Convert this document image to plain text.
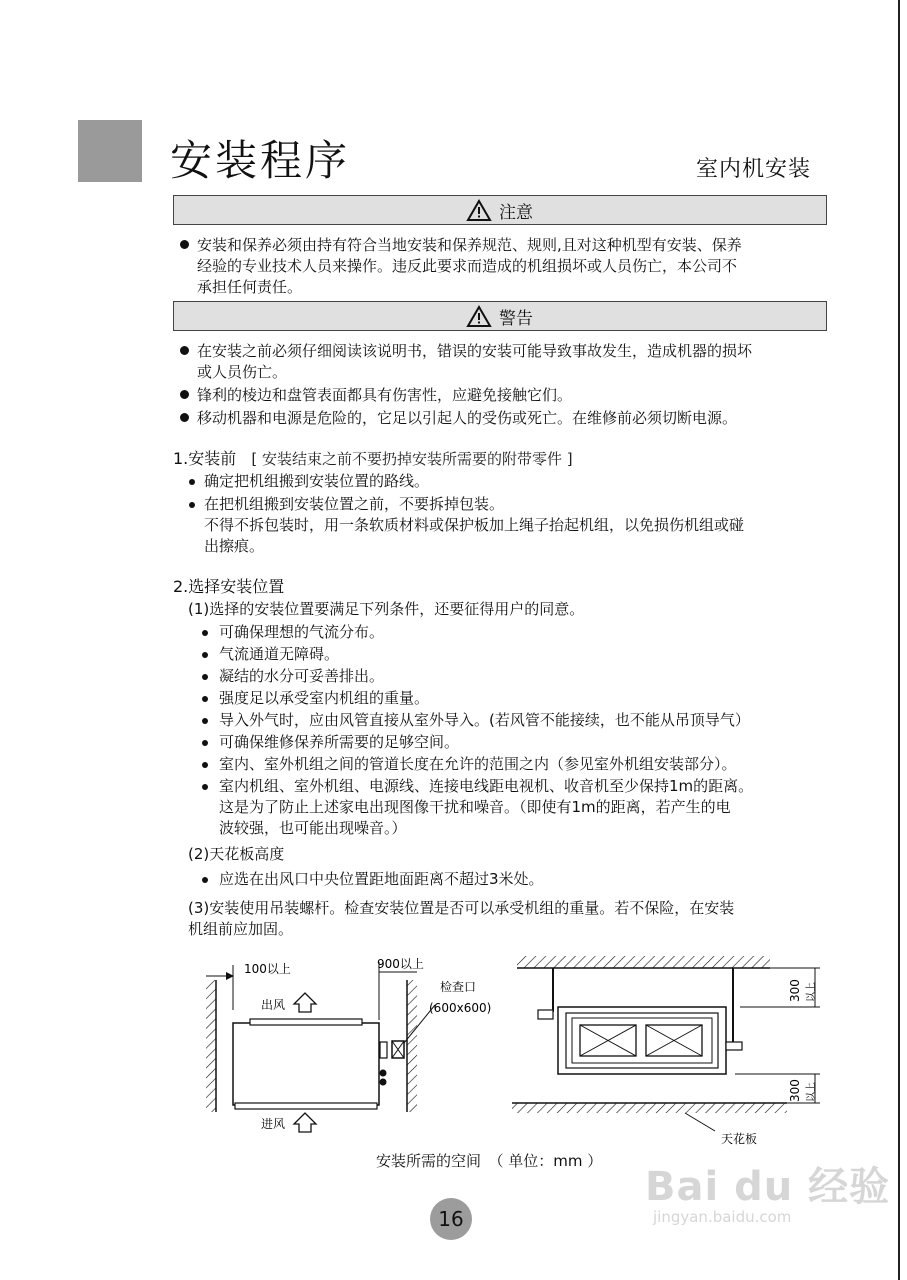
安装程序	室内机安装
注意
安装和保养必须由持有符合当地安装和保养规范、规则,且对这种机型有安装、保养
经验的专业技术人员来操作。违反此要求而造成的机组损坏或人员伤亡，本公司不
承担任何责任。
警告
在安装之前必须仔细阅读该说明书，错误的安装可能导致事故发生，造成机器的损坏
或人员伤亡。
锋利的棱边和盘管表面都具有伤害性，应避免接触它们。
移动机器和电源是危险的，它足以引起人的受伤或死亡。在维修前必须切断电源。
1.安装前 [ 安装结束之前不要扔掉安装所需要的附带零件 ]
确定把机组搬到安装位置的路线。
在把机组搬到安装位置之前，不要拆掉包装。
不得不拆包装时，用一条软质材料或保护板加上绳子抬起机组，以免损伤机组或碰
出擦痕。
2.选择安装位置
(1)选择的安装位置要满足下列条件，还要征得用户的同意。
可确保理想的气流分布。
气流通道无障碍。
凝结的水分可妥善排出。
强度足以承受室内机组的重量。
导入外气时，应由风管直接从室外导入。(若风管不能接续，也不能从吊顶导气）
可确保维修保养所需要的足够空间。
室内、室外机组之间的管道长度在允许的范围之内（参见室外机组安装部分）。
室内机组、室外机组、电源线、连接电线距电视机、收音机至少保持1m的距离。
这是为了防止上述家电出现图像干扰和噪音。（即使有1m的距离，若产生的电
波较强，也可能出现噪音。）
(2)天花板高度
应选在出风口中央位置距地面距离不超过3米处。
(3)安装使用吊装螺杆。检查安装位置是否可以承受机组的重量。若不保险，在安装
机组前应加固。
100以上	900以上
出风
进风
检查口
(600x600)
300 以上
300 以上
天花板
安装所需的空间　（ 单位：mm ）
16
Bai du 经验
jingyan.baidu.com
